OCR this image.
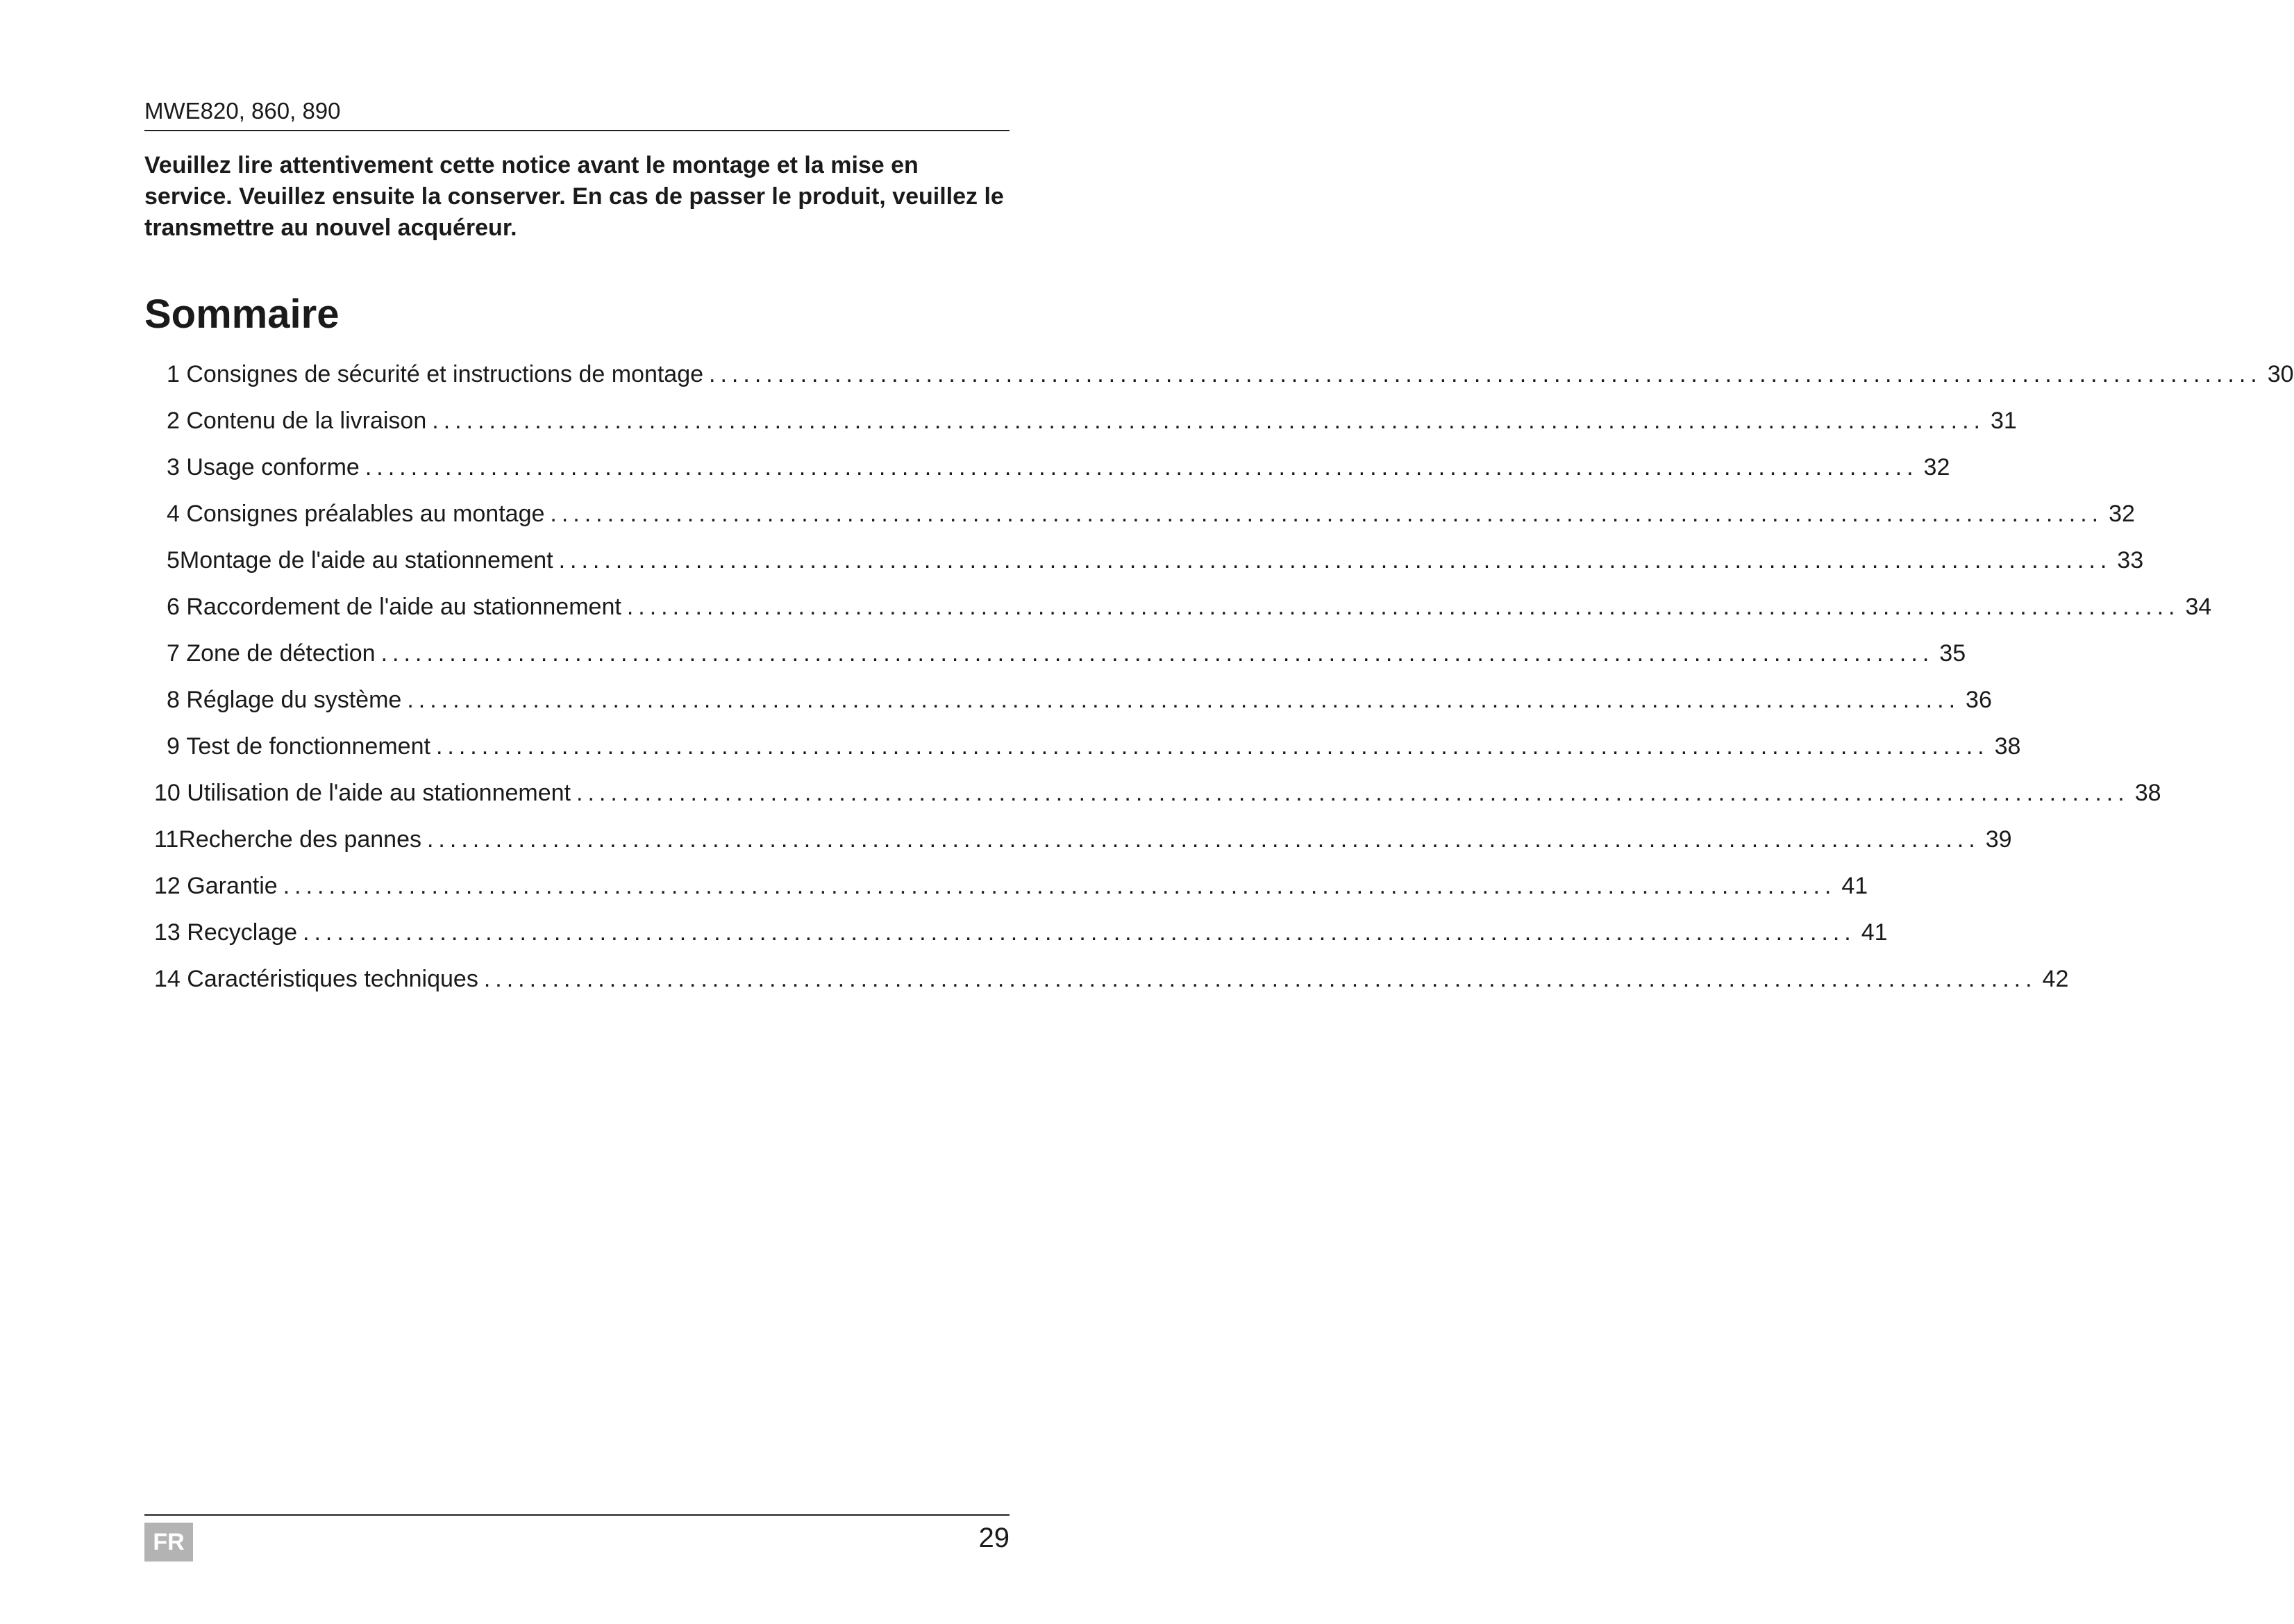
MWE820, 860, 890

Veuillez lire attentivement cette notice avant le montage et la mise en service. Veuillez ensuite la conserver. En cas de passer le produit, veuillez le transmettre au nouvel acquéreur.

Sommaire
1
Consignes de sécurité et instructions de montage ........................................................................................................................................ 30
2
Contenu de la livraison ........................................................................................................................................ 31
3
Usage conforme ........................................................................................................................................ 32
4
Consignes préalables au montage ........................................................................................................................................ 32
5 Montage de l'aide au stationnement ........................................................................................................................................ 33
6
Raccordement de l'aide au stationnement ........................................................................................................................................ 34
7
Zone de détection ........................................................................................................................................ 35
8
Réglage du système ........................................................................................................................................ 36
9
Test de fonctionnement ........................................................................................................................................ 38
10
Utilisation de l'aide au stationnement ........................................................................................................................................ 38
11 Recherche des pannes ........................................................................................................................................ 39
12
Garantie ........................................................................................................................................ 41
13
Recyclage ........................................................................................................................................ 41
14
Caractéristiques techniques ........................................................................................................................................ 42
FR	29
